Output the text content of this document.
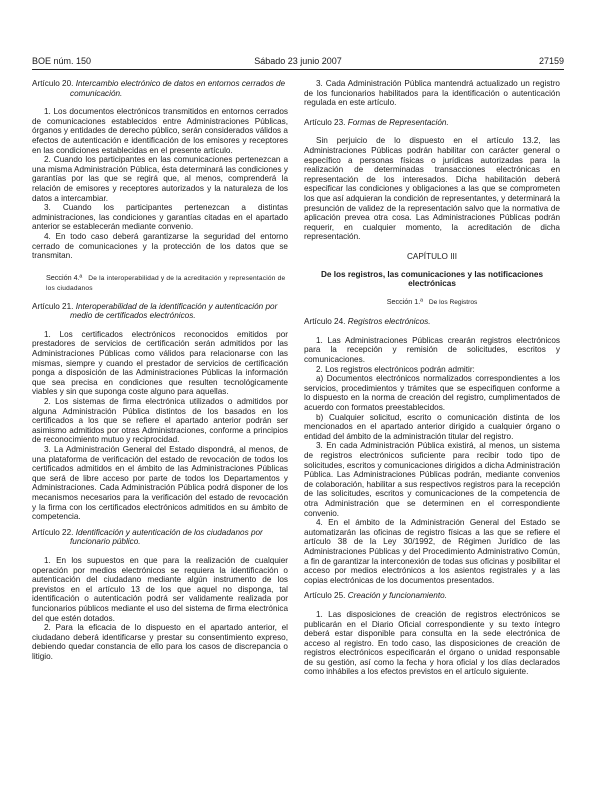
BOE núm. 150	Sábado 23 junio 2007	27159
Artículo 20. Intercambio electrónico de datos en entornos cerrados de comunicación.

1. Los documentos electrónicos transmitidos en entornos cerrados de comunicaciones establecidos entre Administraciones Públicas, órganos y entidades de derecho público, serán considerados válidos a efectos de autenticación e identificación de los emisores y receptores en las condiciones establecidas en el presente artículo.

2. Cuando los participantes en las comunicaciones pertenezcan a una misma Administración Pública, ésta determinará las condiciones y garantías por las que se regirá que, al menos, comprenderá la relación de emisores y receptores autorizados y la naturaleza de los datos a intercambiar.

3. Cuando los participantes pertenezcan a distintas administraciones, las condiciones y garantías citadas en el apartado anterior se establecerán mediante convenio.

4. En todo caso deberá garantizarse la seguridad del entorno cerrado de comunicaciones y la protección de los datos que se transmitan.

Sección 4.ª De la interoperabilidad y de la acreditación y representación de los ciudadanos
Artículo 21. Interoperabilidad de la identificación y autenticación por medio de certificados electrónicos.

1. Los certificados electrónicos reconocidos emitidos por prestadores de servicios de certificación serán admitidos por las Administraciones Públicas como válidos para relacionarse con las mismas, siempre y cuando el prestador de servicios de certificación ponga a disposición de las Administraciones Públicas la información que sea precisa en condiciones que resulten tecnológicamente viables y sin que suponga coste alguno para aquellas.

2. Los sistemas de firma electrónica utilizados o admitidos por alguna Administración Pública distintos de los basados en los certificados a los que se refiere el apartado anterior podrán ser asimismo admitidos por otras Administraciones, conforme a principios de reconocimiento mutuo y reciprocidad.

3. La Administración General del Estado dispondrá, al menos, de una plataforma de verificación del estado de revocación de todos los certificados admitidos en el ámbito de las Administraciones Públicas que será de libre acceso por parte de todos los Departamentos y Administraciones. Cada Administración Pública podrá disponer de los mecanismos necesarios para la verificación del estado de revocación y la firma con los certificados electrónicos admitidos en su ámbito de competencia.

Artículo 22. Identificación y autenticación de los ciudadanos por funcionario público.

1. En los supuestos en que para la realización de cualquier operación por medios electrónicos se requiera la identificación o autenticación del ciudadano mediante algún instrumento de los previstos en el artículo 13 de los que aquel no disponga, tal identificación o autenticación podrá ser validamente realizada por funcionarios públicos mediante el uso del sistema de firma electrónica del que estén dotados.

2. Para la eficacia de lo dispuesto en el apartado anterior, el ciudadano deberá identificarse y prestar su consentimiento expreso, debiendo quedar constancia de ello para los casos de discrepancia o litigio.

3. Cada Administración Pública mantendrá actualizado un registro de los funcionarios habilitados para la identificación o autenticación regulada en este artículo.

Artículo 23. Formas de Representación.

Sin perjuicio de lo dispuesto en el artículo 13.2, las Administraciones Públicas podrán habilitar con carácter general o específico a personas físicas o jurídicas autorizadas para la realización de determinadas transacciones electrónicas en representación de los interesados. Dicha habilitación deberá especificar las condiciones y obligaciones a las que se comprometen los que así adquieran la condición de representantes, y determinará la presunción de validez de la representación salvo que la normativa de aplicación prevea otra cosa. Las Administraciones Públicas podrán requerir, en cualquier momento, la acreditación de dicha representación.

CAPÍTULO III
De los registros, las comunicaciones y las notificaciones electrónicas
Sección 1.ª De los Registros
Artículo 24. Registros electrónicos.

1. Las Administraciones Públicas crearán registros electrónicos para la recepción y remisión de solicitudes, escritos y comunicaciones.

2. Los registros electrónicos podrán admitir:

a) Documentos electrónicos normalizados correspondientes a los servicios, procedimientos y trámites que se especifiquen conforme a lo dispuesto en la norma de creación del registro, cumplimentados de acuerdo con formatos preestablecidos.

b) Cualquier solicitud, escrito o comunicación distinta de los mencionados en el apartado anterior dirigido a cualquier órgano o entidad del ámbito de la administración titular del registro.

3. En cada Administración Pública existirá, al menos, un sistema de registros electrónicos suficiente para recibir todo tipo de solicitudes, escritos y comunicaciones dirigidos a dicha Administración Pública. Las Administraciones Públicas podrán, mediante convenios de colaboración, habilitar a sus respectivos registros para la recepción de las solicitudes, escritos y comunicaciones de la competencia de otra Administración que se determinen en el correspondiente convenio.

4. En el ámbito de la Administración General del Estado se automatizarán las oficinas de registro físicas a las que se refiere el artículo 38 de la Ley 30/1992, de Régimen Jurídico de las Administraciones Públicas y del Procedimiento Administrativo Común, a fin de garantizar la interconexión de todas sus oficinas y posibilitar el acceso por medios electrónicos a los asientos registrales y a las copias electrónicas de los documentos presentados.

Artículo 25. Creación y funcionamiento.

1. Las disposiciones de creación de registros electrónicos se publicarán en el Diario Oficial correspondiente y su texto íntegro deberá estar disponible para consulta en la sede electrónica de acceso al registro. En todo caso, las disposiciones de creación de registros electrónicos especificarán el órgano o unidad responsable de su gestión, así como la fecha y hora oficial y los días declarados como inhábiles a los efectos previstos en el artículo siguiente.
